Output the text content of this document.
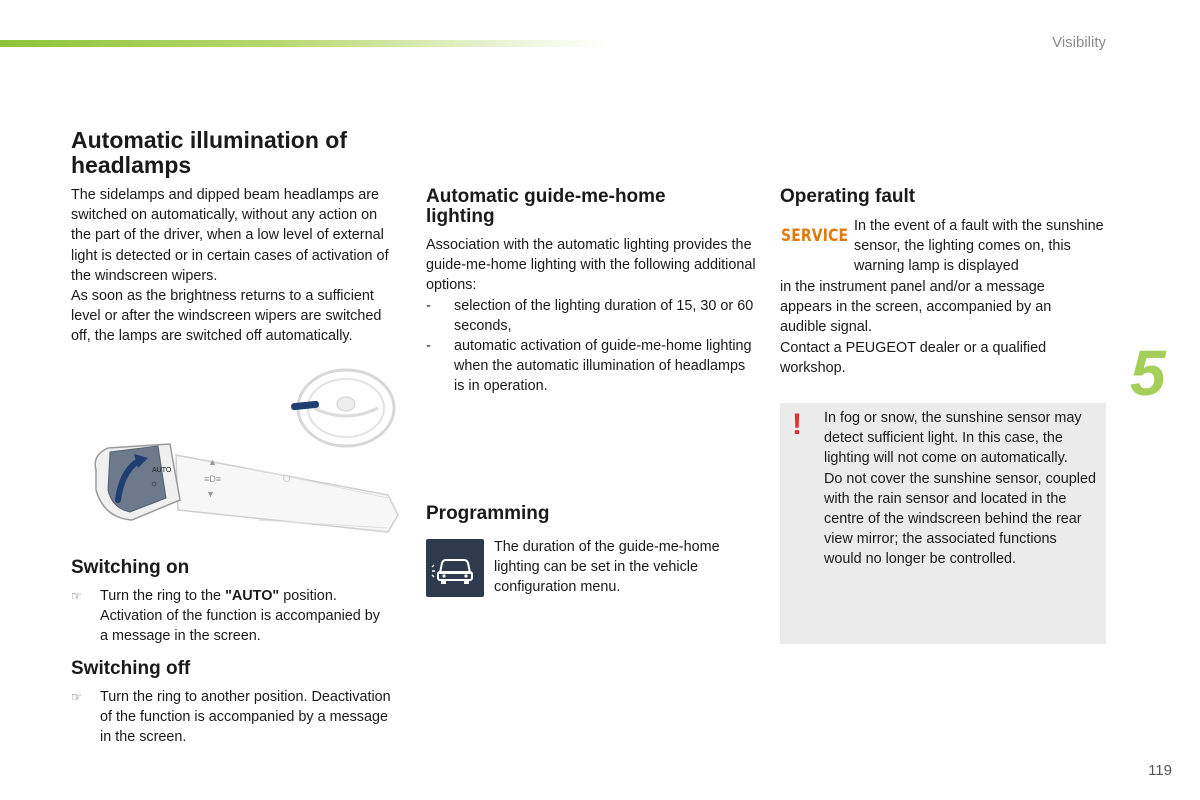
Visibility
Automatic illumination of headlamps

The sidelamps and dipped beam headlamps are switched on automatically, without any action on the part of the driver, when a low level of external light is detected or in certain cases of activation of the windscreen wipers.

As soon as the brightness returns to a sufficient level or after the windscreen wipers are switched off, the lamps are switched off automatically.

▲
≡D≡
▼
ᗜ
AUTO
☼
Switching on
☞ Turn the ring to the "AUTO" position. Activation of the function is accompanied by a message in the screen.
Switching off
☞ Turn the ring to another position. Deactivation of the function is accompanied by a message in the screen.
Automatic guide-me-home lighting

Association with the automatic lighting provides the guide-me-home lighting with the following additional options:

- selection of the lighting duration of 15, 30 or 60 seconds,
- automatic activation of guide-me-home lighting when the automatic illumination of headlamps is in operation.
Programming
The duration of the guide-me-home lighting can be set in the vehicle configuration menu.
Operating fault
SERVICE In the event of a fault with the sunshine sensor, the lighting comes on, this warning lamp is displayed

in the instrument panel and/or a message appears in the screen, accompanied by an audible signal.

Contact a PEUGEOT dealer or a qualified workshop.

! In fog or snow, the sunshine sensor may detect sufficient light. In this case, the lighting will not come on automatically.

Do not cover the sunshine sensor, coupled with the rain sensor and located in the centre of the windscreen behind the rear view mirror; the associated functions would no longer be controlled.

5
119
